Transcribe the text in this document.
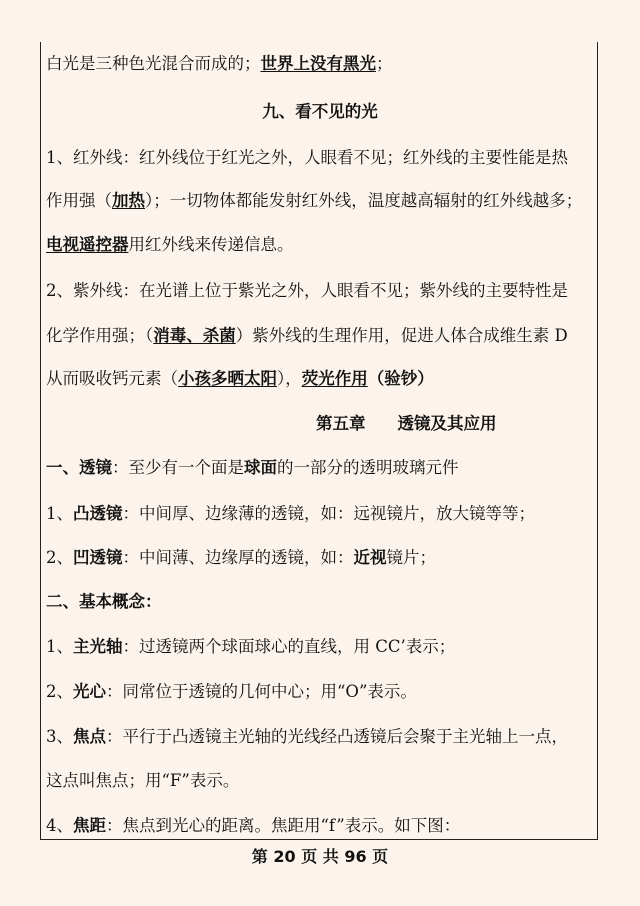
白光是三种色光混合而成的；世界上没有黑光；
九、看不见的光
1、红外线：红外线位于红光之外，人眼看不见；红外线的主要性能是热
作用强（加热）；一切物体都能发射红外线，温度越高辐射的红外线越多；
电视遥控器用红外线来传递信息。
2、紫外线：在光谱上位于紫光之外，人眼看不见；紫外线的主要特性是
化学作用强；（消毒、杀菌）紫外线的生理作用，促进人体合成维生素 D
从而吸收钙元素（小孩多晒太阳），荧光作用（验钞）
第五章 透镜及其应用
一、透镜：至少有一个面是球面的一部分的透明玻璃元件
1、凸透镜：中间厚、边缘薄的透镜，如：远视镜片，放大镜等等；
2、凹透镜：中间薄、边缘厚的透镜，如：近视镜片；
二、基本概念：
1、主光轴：过透镜两个球面球心的直线，用 CC’表示；
2、光心：同常位于透镜的几何中心；用“O”表示。
3、焦点：平行于凸透镜主光轴的光线经凸透镜后会聚于主光轴上一点，
这点叫焦点；用“F”表示。
4、焦距：焦点到光心的距离。焦距用“f”表示。如下图：
第 20 页 共 96 页
